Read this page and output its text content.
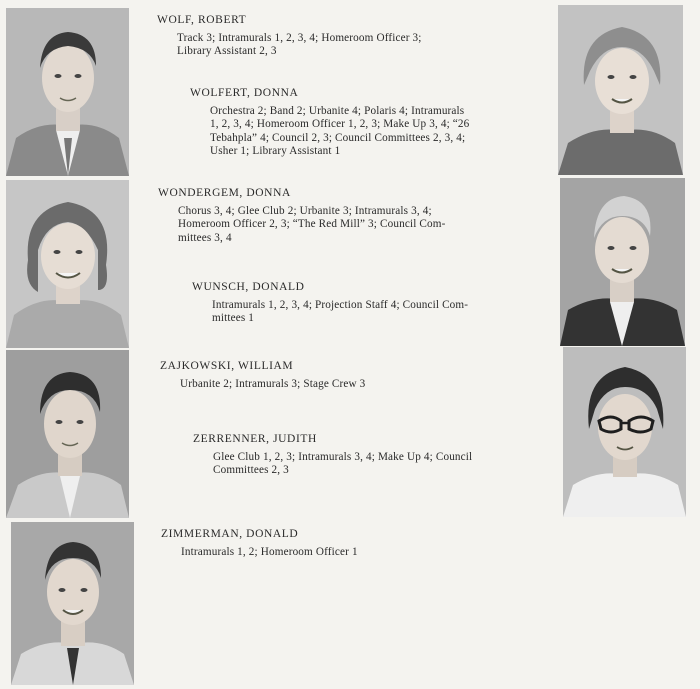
WOLF, ROBERT
Track 3; Intramurals 1, 2, 3, 4; Homeroom Officer 3;
Library Assistant 2, 3
WOLFERT, DONNA
Orchestra 2; Band 2; Urbanite 4; Polaris 4; Intramurals
1, 2, 3, 4; Homeroom Officer 1, 2, 3; Make Up 3, 4; “26
Tebahpla” 4; Council 2, 3; Council Committees 2, 3, 4;
Usher 1; Library Assistant 1
WONDERGEM, DONNA
Chorus 3, 4; Glee Club 2; Urbanite 3; Intramurals 3, 4;
Homeroom Officer 2, 3; “The Red Mill” 3; Council Com-
mittees 3, 4
WUNSCH, DONALD
Intramurals 1, 2, 3, 4; Projection Staff 4; Council Com-
mittees 1
ZAJKOWSKI, WILLIAM
Urbanite 2; Intramurals 3; Stage Crew 3
ZERRENNER, JUDITH
Glee Club 1, 2, 3; Intramurals 3, 4; Make Up 4; Council
Committees 2, 3
ZIMMERMAN, DONALD
Intramurals 1, 2; Homeroom Officer 1
